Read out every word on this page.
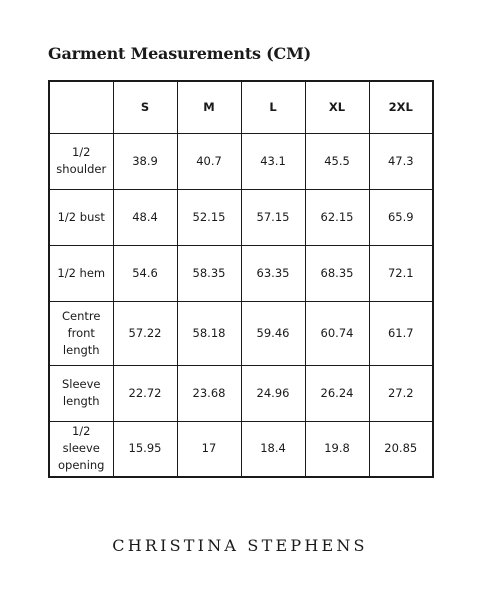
Garment Measurements (CM)
	S	M	L	XL	2XL
1/2
shoulder	38.9	40.7	43.1	45.5	47.3
1/2 bust	48.4	52.15	57.15	62.15	65.9
1/2 hem	54.6	58.35	63.35	68.35	72.1
Centre
front
length	57.22	58.18	59.46	60.74	61.7
Sleeve
length	22.72	23.68	24.96	26.24	27.2
1/2 sleeve
opening	15.95	17	18.4	19.8	20.85
CHRISTINA STEPHENS
